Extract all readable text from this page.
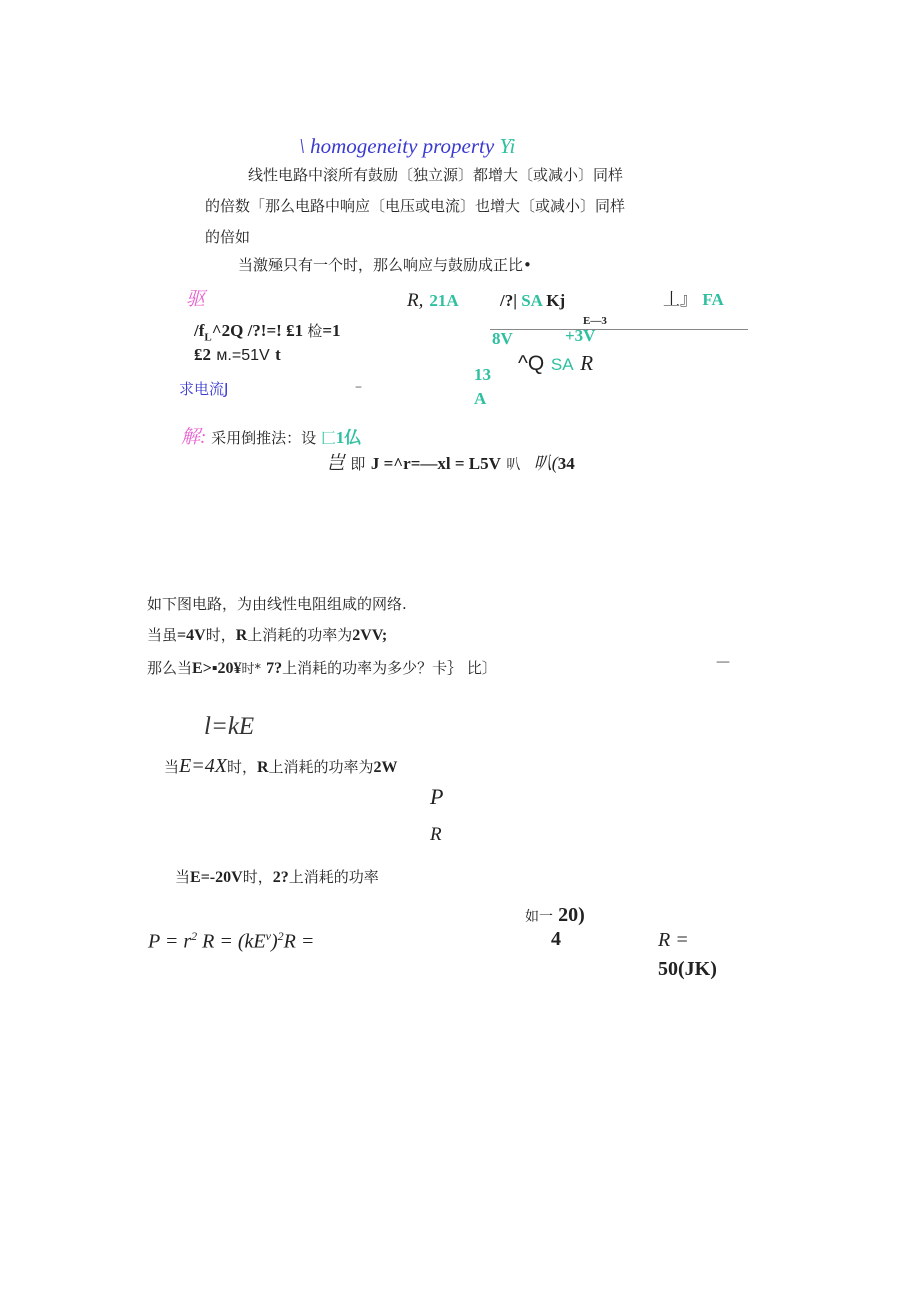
\ homogeneity property Yi
线性电路中滚所有鼓励〔独立源〕都增大〔或减小〕同样
的倍数「那么电路中响应〔电压或电流〕也增大〔或减小〕同样
的倍如
当激殛只有一个时，那么响应与鼓励成正比•
驱	R, 21A /?| SA Kj	丄』 FA
E—3
8V	+3V
$/f_L\^{}2Q$ /?!=! ₤1 检=1
₤2 м.=51V t	^Q SA R
13
A
求电流J	–
解: 采用倒推法：设 匚1仏
岂 即 J =^r=—xl = L5V 叭 叭(34
如下图电路，为由线性电阻组咸的网络.
当虽=4V时，R上消耗的功率为2VV;
那么当E>▪20¥时* 7?上消耗的功率为多少？卡｝ 比〕	—
l=kE
当E=4X时，R上消耗的功率为2W
P
R
当E=-20V时，2?上消耗的功率
如一 20)
$P = r^2$ $R = (kE^v)^2R$ =	4	R =
50(JK)
